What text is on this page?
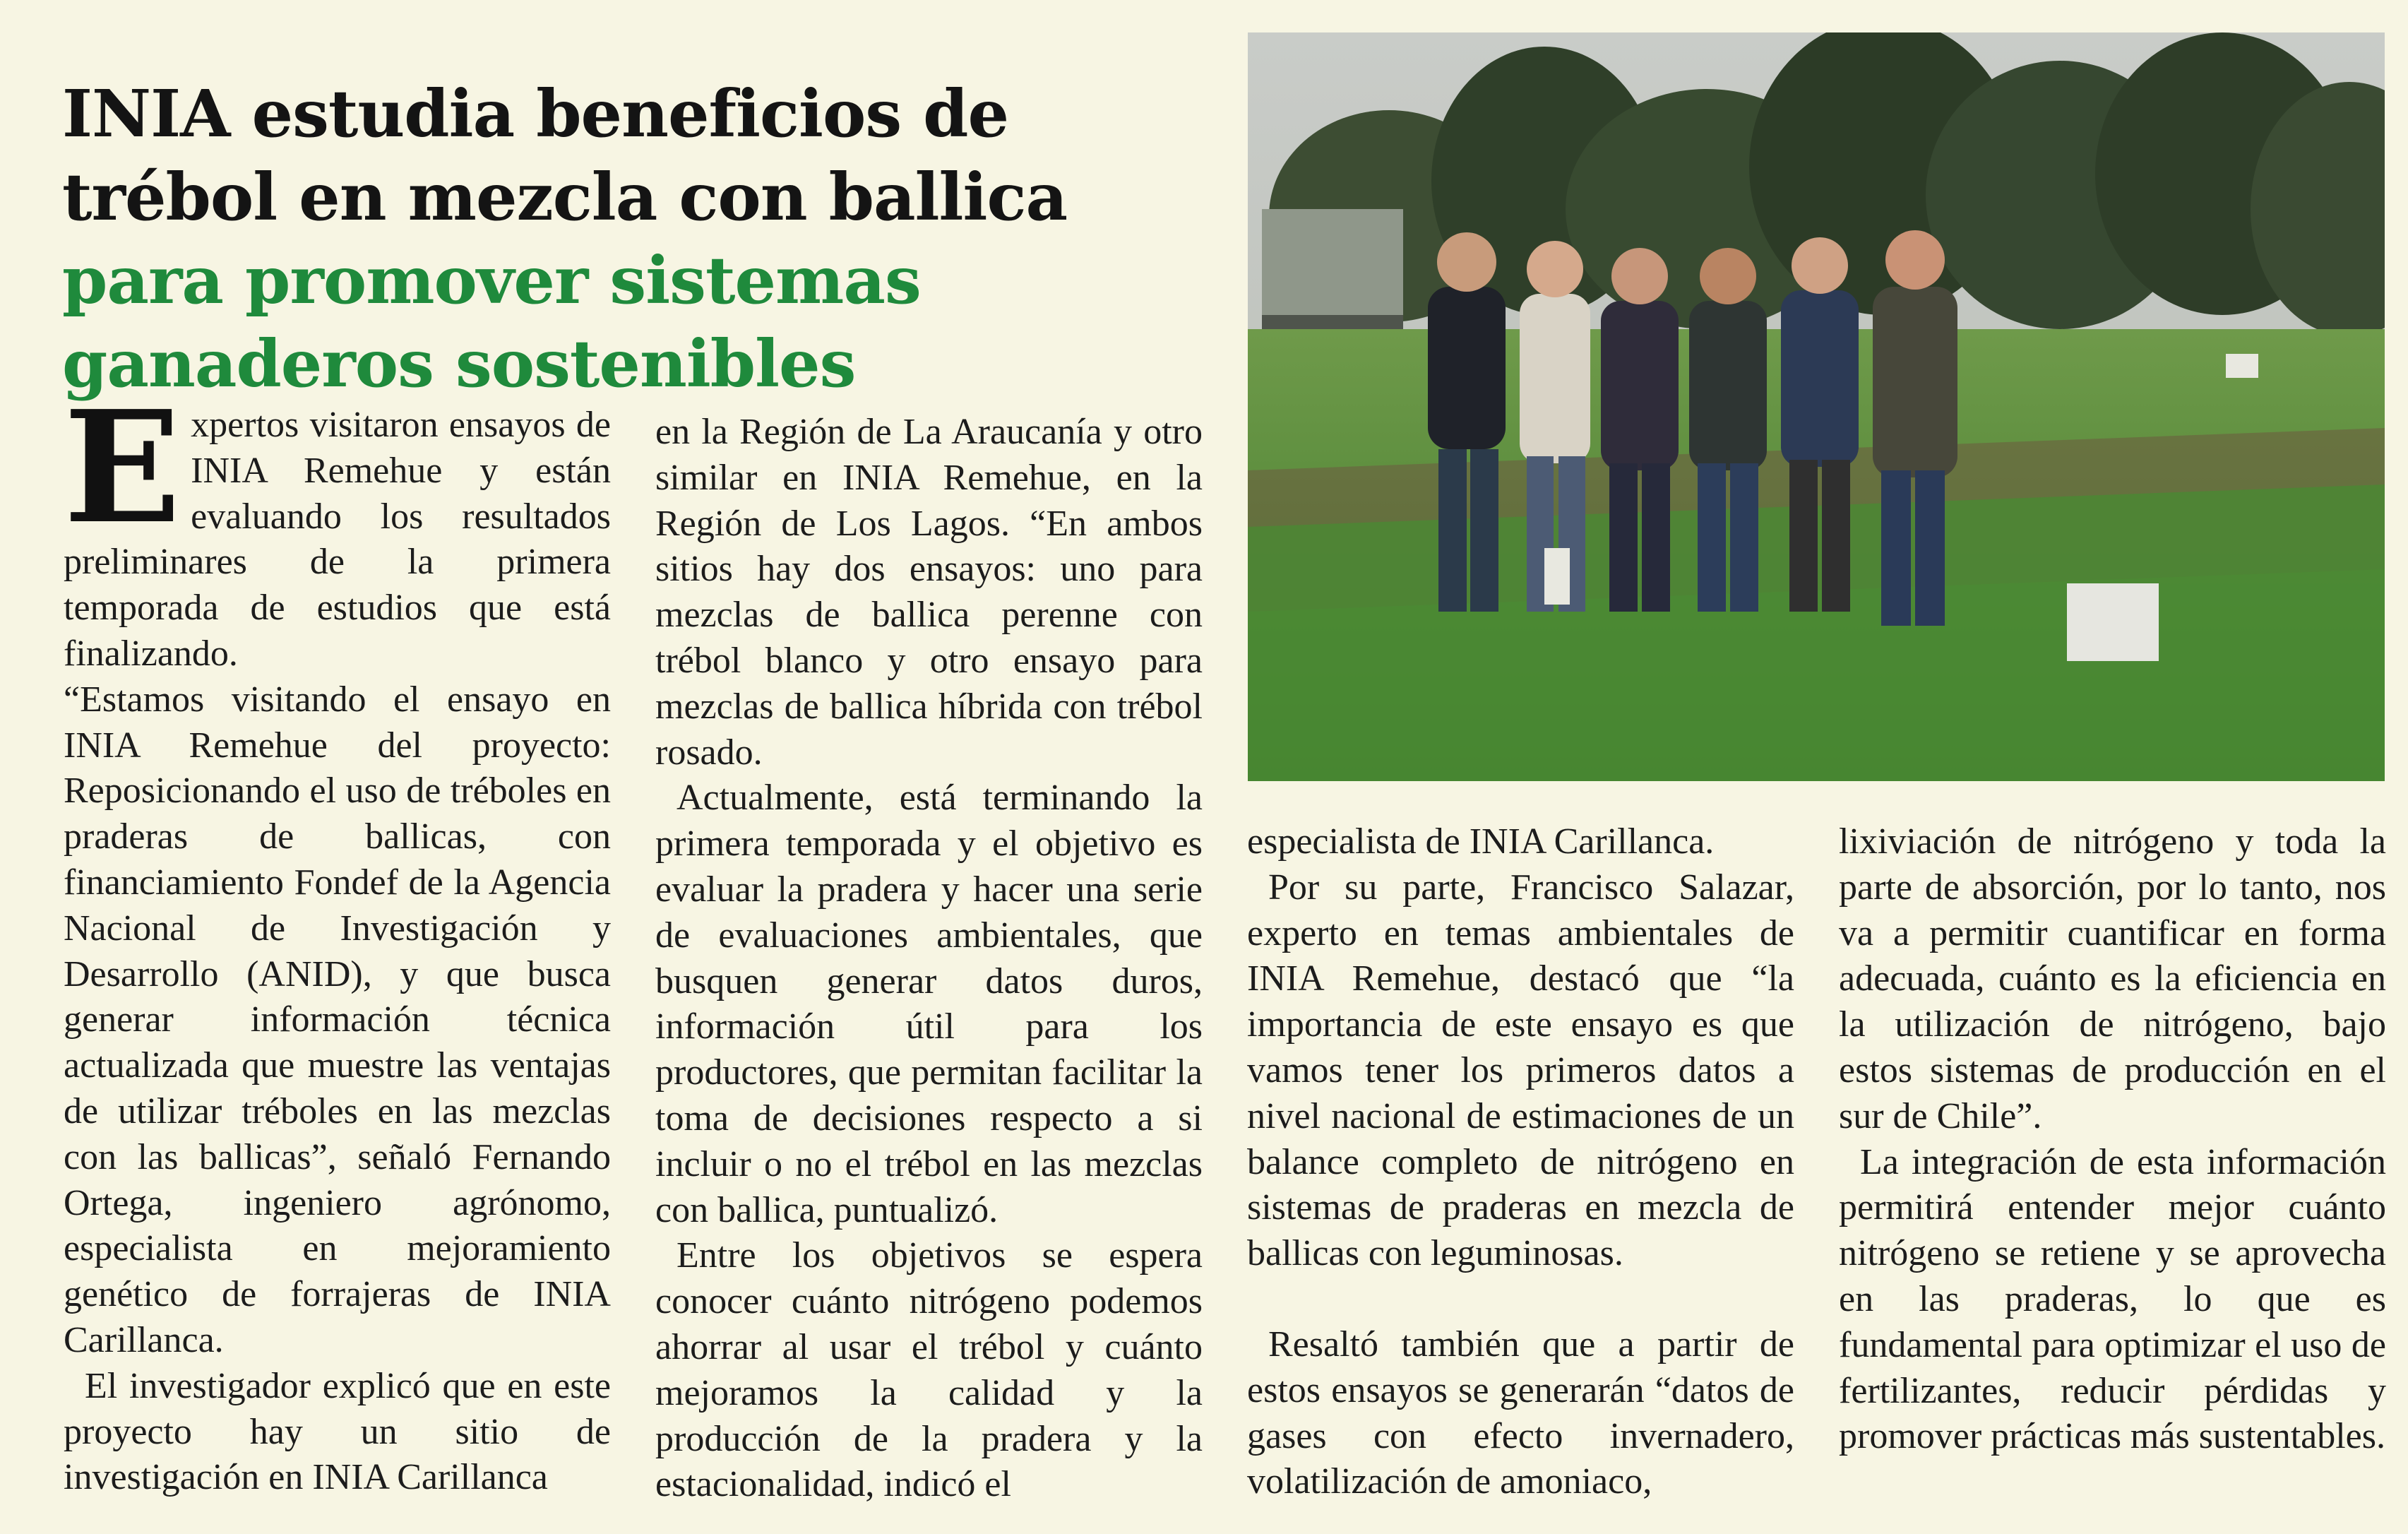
INIA estudia beneficios de
trébol en mezcla con ballica
para promover sistemas
ganaderos sostenibles

Expertos visitaron ensayos de INIA Remehue y están evaluando los resultados preliminares de la primera temporada de estudios que está finalizando.

“Estamos visitando el ensayo en INIA Remehue del proyecto: Reposicionando el uso de tréboles en praderas de ballicas, con financiamiento Fondef de la Agencia Nacional de Investigación y Desarrollo (ANID), y que busca generar información técnica actualizada que muestre las ventajas de utilizar tréboles en las mezclas con las ballicas”, señaló Fernando Ortega, ingeniero agrónomo, especialista en mejoramiento genético de forrajeras de INIA Carillanca.

El investigador explicó que en este proyecto hay un sitio de investigación en INIA Carillanca

en la Región de La Araucanía y otro similar en INIA Remehue, en la Región de Los Lagos. “En ambos sitios hay dos ensayos: uno para mezclas de ballica perenne con trébol blanco y otro ensayo para mezclas de ballica híbrida con trébol rosado.

Actualmente, está terminando la primera temporada y el objetivo es evaluar la pradera y hacer una serie de evaluaciones ambientales, que busquen generar datos duros, información útil para los productores, que permitan facilitar la toma de decisiones respecto a si incluir o no el trébol en las mezclas con ballica, puntualizó.

Entre los objetivos se espera conocer cuánto nitrógeno podemos ahorrar al usar el trébol y cuánto mejoramos la calidad y la producción de la pradera y la estacionalidad, indicó el

especialista de INIA Carillanca.

Por su parte, Francisco Salazar, experto en temas ambientales de INIA Remehue, destacó que “la importancia de este ensayo es que vamos tener los primeros datos a nivel nacional de estimaciones de un balance completo de nitrógeno en sistemas de praderas en mezcla de ballicas con leguminosas.

Resaltó también que a partir de estos ensayos se generarán “datos de gases con efecto invernadero, volatilización de amoniaco,

lixiviación de nitrógeno y toda la parte de absorción, por lo tanto, nos va a permitir cuantificar en forma adecuada, cuánto es la eficiencia en la utilización de nitrógeno, bajo estos sistemas de producción en el sur de Chile”.

La integración de esta información permitirá entender mejor cuánto nitrógeno se retiene y se aprovecha en las praderas, lo que es fundamental para optimizar el uso de fertilizantes, reducir pérdidas y promover prácticas más sustentables.
